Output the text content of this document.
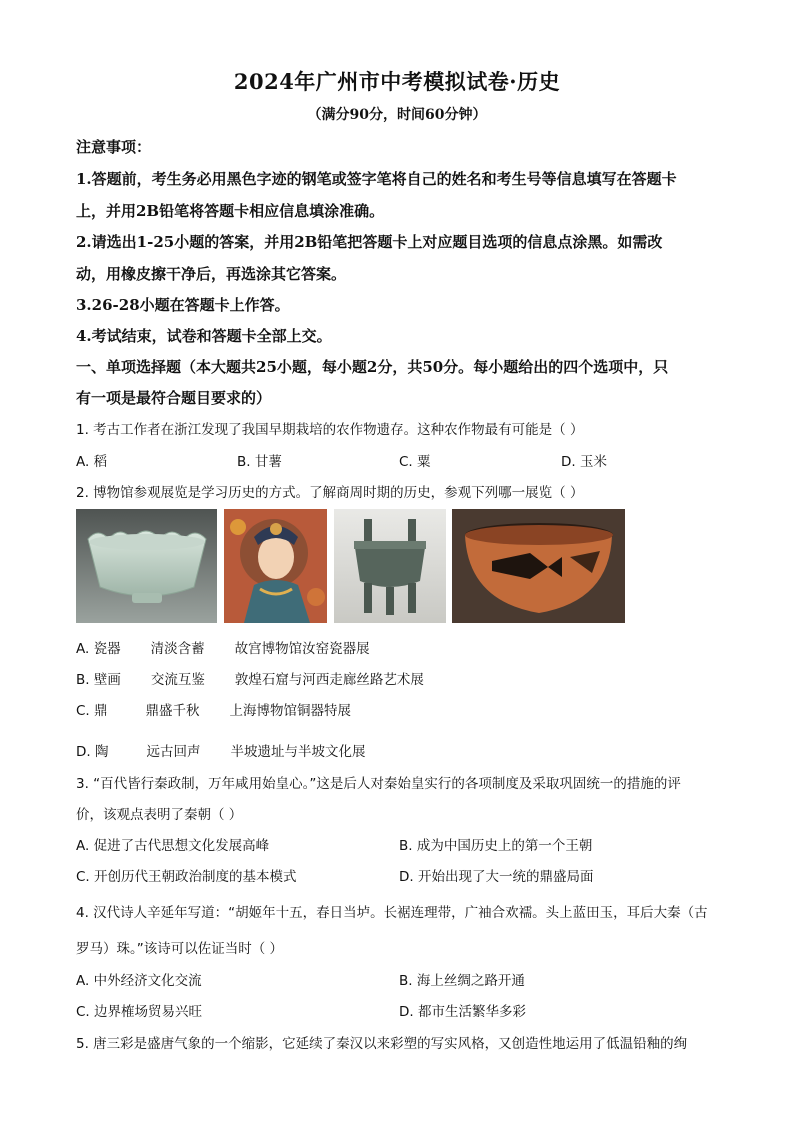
2024年广州市中考模拟试卷·历史
（满分90分，时间60分钟）
注意事项：
1.答题前，考生务必用黑色字迹的钢笔或签字笔将自己的姓名和考生号等信息填写在答题卡
上，并用2B铅笔将答题卡相应信息填涂准确。
2.请选出1-25小题的答案，并用2B铅笔把答题卡上对应题目选项的信息点涂黑。如需改
动，用橡皮擦干净后，再选涂其它答案。
3.26-28小题在答题卡上作答。
4.考试结束，试卷和答题卡全部上交。
一、单项选择题（本大题共25小题，每小题2分，共50分。每小题给出的四个选项中，只
有一项是最符合题目要求的）
1. 考古工作者在浙江发现了我国早期栽培的农作物遗存。这种农作物最有可能是（ ）
A. 稻	B. 甘薯	C. 粟	D. 玉米
2. 博物馆参观展览是学习历史的方式。了解商周时期的历史，参观下列哪一展览（ ）
A. 瓷器 清淡含蓄 故宫博物馆汝窑瓷器展
B. 壁画 交流互鉴 敦煌石窟与河西走廊丝路艺术展
C. 鼎	鼎盛千秋 上海博物馆铜器特展
D. 陶	远古回声 半坡遗址与半坡文化展
3. “百代皆行秦政制，万年咸用始皇心。”这是后人对秦始皇实行的各项制度及采取巩固统一的措施的评
价，该观点表明了秦朝（ ）
A. 促进了古代思想文化发展高峰	B. 成为中国历史上的第一个王朝
C. 开创历代王朝政治制度的基本模式	D. 开始出现了大一统的鼎盛局面
4. 汉代诗人辛延年写道：“胡姬年十五，春日当垆。长裾连理带，广袖合欢襦。头上蓝田玉，耳后大秦（古
罗马）珠。”该诗可以佐证当时（ ）
A. 中外经济文化交流	B. 海上丝绸之路开通
C. 边界榷场贸易兴旺	D. 都市生活繁华多彩
5. 唐三彩是盛唐气象的一个缩影，它延续了秦汉以来彩塑的写实风格，又创造性地运用了低温铅釉的绚
